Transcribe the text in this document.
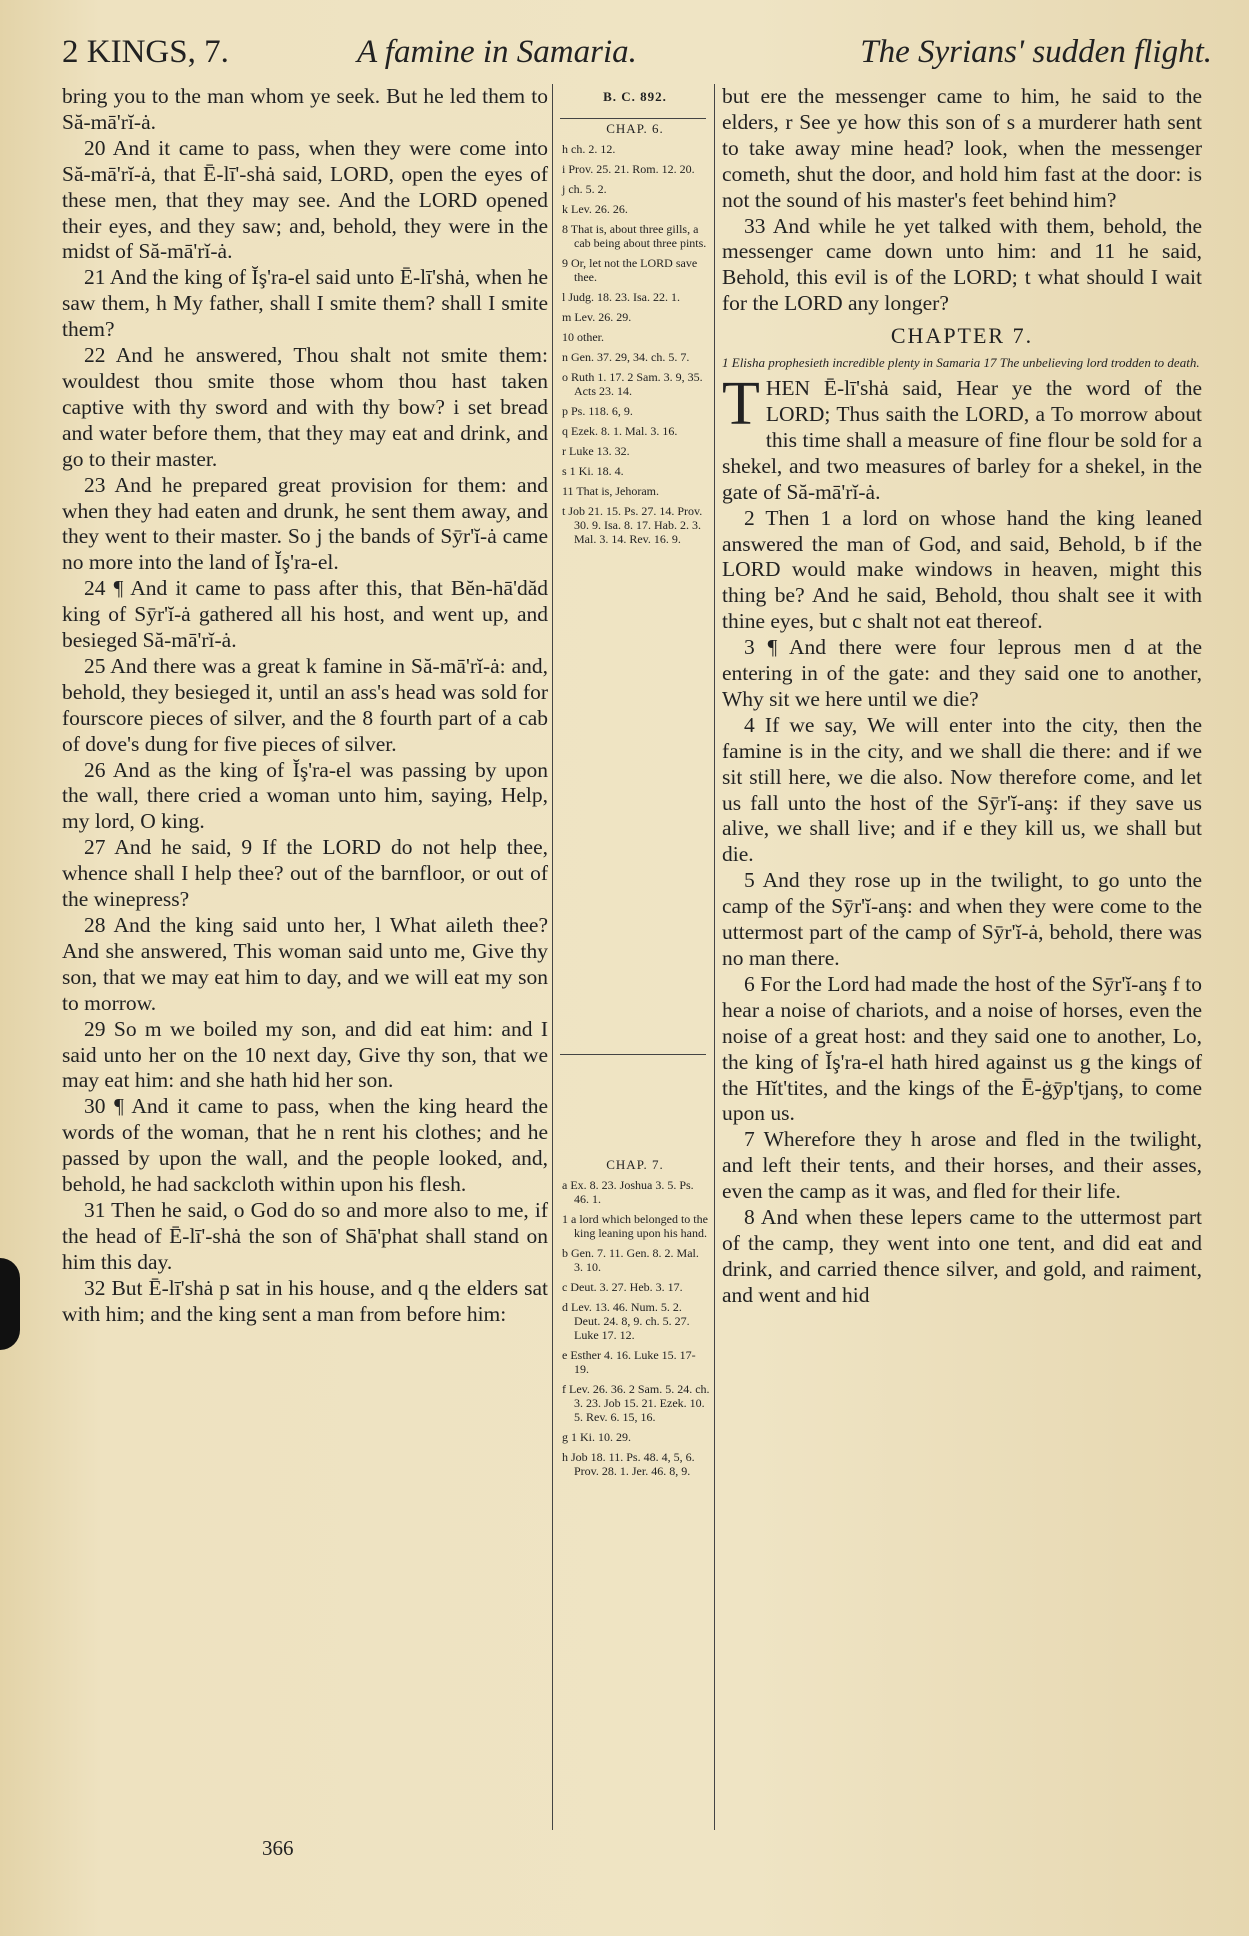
2 KINGS, 7.	A famine in Samaria.	The Syrians' sudden flight.

bring you to the man whom ye seek. But he led them to Să-mā'rĭ-ȧ.

20 And it came to pass, when they were come into Să-mā'rĭ-ȧ, that Ē-lī'-shȧ said, LORD, open the eyes of these men, that they may see. And the LORD opened their eyes, and they saw; and, behold, they were in the midst of Să-mā'rĭ-ȧ.

21 And the king of Ĭş'ra-el said unto Ē-lī'shȧ, when he saw them, h My father, shall I smite them? shall I smite them?

22 And he answered, Thou shalt not smite them: wouldest thou smite those whom thou hast taken captive with thy sword and with thy bow? i set bread and water before them, that they may eat and drink, and go to their master.

23 And he prepared great provision for them: and when they had eaten and drunk, he sent them away, and they went to their master. So j the bands of Sȳr'ĭ-ȧ came no more into the land of Ĭş'ra-el.

24 ¶ And it came to pass after this, that Bĕn-hā'dăd king of Sȳr'ĭ-ȧ gathered all his host, and went up, and besieged Să-mā'rĭ-ȧ.

25 And there was a great k famine in Să-mā'rĭ-ȧ: and, behold, they besieged it, until an ass's head was sold for fourscore pieces of silver, and the 8 fourth part of a cab of dove's dung for five pieces of silver.

26 And as the king of Ĭş'ra-el was passing by upon the wall, there cried a woman unto him, saying, Help, my lord, O king.

27 And he said, 9 If the LORD do not help thee, whence shall I help thee? out of the barnfloor, or out of the winepress?

28 And the king said unto her, l What aileth thee? And she answered, This woman said unto me, Give thy son, that we may eat him to day, and we will eat my son to morrow.

29 So m we boiled my son, and did eat him: and I said unto her on the 10 next day, Give thy son, that we may eat him: and she hath hid her son.

30 ¶ And it came to pass, when the king heard the words of the woman, that he n rent his clothes; and he passed by upon the wall, and the people looked, and, behold, he had sackcloth within upon his flesh.

31 Then he said, o God do so and more also to me, if the head of Ē-lī'-shȧ the son of Shā'phat shall stand on him this day.

32 But Ē-lī'shȧ p sat in his house, and q the elders sat with him; and the king sent a man from before him:

B. C. 892.
CHAP. 6.
h ch. 2. 12.
i Prov. 25. 21. Rom. 12. 20.
j ch. 5. 2.
k Lev. 26. 26.
8 That is, about three gills, a cab being about three pints.
9 Or, let not the LORD save thee.
l Judg. 18. 23. Isa. 22. 1.
m Lev. 26. 29.
10 other.
n Gen. 37. 29, 34. ch. 5. 7.
o Ruth 1. 17. 2 Sam. 3. 9, 35. Acts 23. 14.
p Ps. 118. 6, 9.
q Ezek. 8. 1. Mal. 3. 16.
r Luke 13. 32.
s 1 Ki. 18. 4.
11 That is, Jehoram.
t Job 21. 15. Ps. 27. 14. Prov. 30. 9. Isa. 8. 17. Hab. 2. 3. Mal. 3. 14. Rev. 16. 9.
CHAP. 7.
a Ex. 8. 23. Joshua 3. 5. Ps. 46. 1.
1 a lord which belonged to the king leaning upon his hand.
b Gen. 7. 11. Gen. 8. 2. Mal. 3. 10.
c Deut. 3. 27. Heb. 3. 17.
d Lev. 13. 46. Num. 5. 2. Deut. 24. 8, 9. ch. 5. 27. Luke 17. 12.
e Esther 4. 16. Luke 15. 17-19.
f Lev. 26. 36. 2 Sam. 5. 24. ch. 3. 23. Job 15. 21. Ezek. 10. 5. Rev. 6. 15, 16.
g 1 Ki. 10. 29.
h Job 18. 11. Ps. 48. 4, 5, 6. Prov. 28. 1. Jer. 46. 8, 9.

but ere the messenger came to him, he said to the elders, r See ye how this son of s a murderer hath sent to take away mine head? look, when the messenger cometh, shut the door, and hold him fast at the door: is not the sound of his master's feet behind him?

33 And while he yet talked with them, behold, the messenger came down unto him: and 11 he said, Behold, this evil is of the LORD; t what should I wait for the LORD any longer?

CHAPTER 7.
1 Elisha prophesieth incredible plenty in Samaria 17 The unbelieving lord trodden to death.

THEN Ē-lī'shȧ said, Hear ye the word of the LORD; Thus saith the LORD, a To morrow about this time shall a measure of fine flour be sold for a shekel, and two measures of barley for a shekel, in the gate of Să-mā'rĭ-ȧ.

2 Then 1 a lord on whose hand the king leaned answered the man of God, and said, Behold, b if the LORD would make windows in heaven, might this thing be? And he said, Behold, thou shalt see it with thine eyes, but c shalt not eat thereof.

3 ¶ And there were four leprous men d at the entering in of the gate: and they said one to another, Why sit we here until we die?

4 If we say, We will enter into the city, then the famine is in the city, and we shall die there: and if we sit still here, we die also. Now therefore come, and let us fall unto the host of the Sȳr'ĭ-anş: if they save us alive, we shall live; and if e they kill us, we shall but die.

5 And they rose up in the twilight, to go unto the camp of the Sȳr'ĭ-anş: and when they were come to the uttermost part of the camp of Sȳr'ĭ-ȧ, behold, there was no man there.

6 For the Lord had made the host of the Sȳr'ĭ-anş f to hear a noise of chariots, and a noise of horses, even the noise of a great host: and they said one to another, Lo, the king of Ĭş'ra-el hath hired against us g the kings of the Hĭt'tites, and the kings of the Ē-ġȳp'tjanş, to come upon us.

7 Wherefore they h arose and fled in the twilight, and left their tents, and their horses, and their asses, even the camp as it was, and fled for their life.

8 And when these lepers came to the uttermost part of the camp, they went into one tent, and did eat and drink, and carried thence silver, and gold, and raiment, and went and hid

366
